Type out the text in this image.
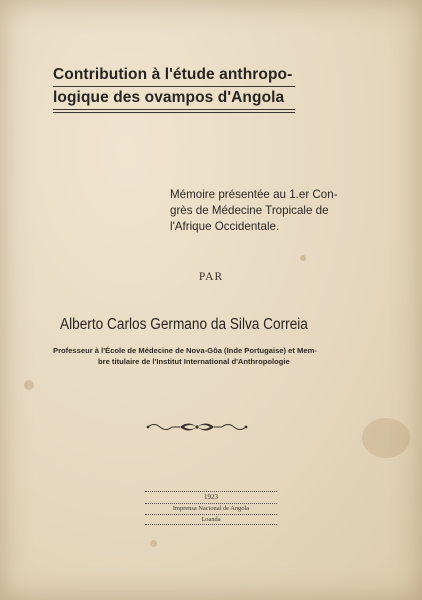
Contribution à l'étude anthropo-
logique des ovampos d'Angola
Mémoire présentée au 1.er Con-
grès de Médecine Tropicale de
l'Afrique Occidentale.
PAR
Alberto Carlos Germano da Silva Correia
Professeur à l'École de Médecine de Nova-Gôa (Inde Portugaise) et Mem-
bre titulaire de l'Institut International d'Anthropologie
1923
Imprensa Nacional de Angola
Loanda
